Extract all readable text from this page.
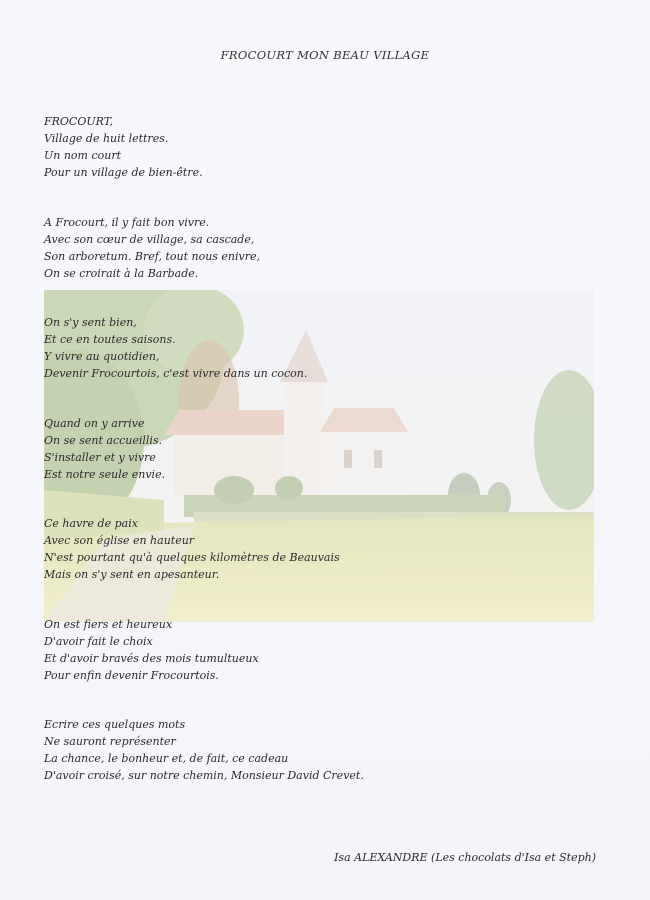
FROCOURT MON BEAU VILLAGE
FROCOURT,
Village de huit lettres.
Un nom court
Pour un village de bien-être.
A Frocourt, il y fait bon vivre.
Avec son cœur de village, sa cascade,
Son arboretum. Bref, tout nous enivre,
On se croirait à la Barbade.
On s'y sent bien,
Et ce en toutes saisons.
Y vivre au quotidien,
Devenir Frocourtois, c'est vivre dans un cocon.
Quand on y arrive
On se sent accueillis.
S'installer et y vivre
Est notre seule envie.
Ce havre de paix
Avec son église en hauteur
N'est pourtant qu'à quelques kilomètres de Beauvais
Mais on s'y sent en apesanteur.
On est fiers et heureux
D'avoir fait le choix
Et d'avoir bravés des mois tumultueux
Pour enfin devenir Frocourtois.
Ecrire ces quelques mots
Ne sauront représenter
La chance, le bonheur et, de fait, ce cadeau
D'avoir croisé, sur notre chemin, Monsieur David Crevet.
Isa ALEXANDRE (Les chocolats d'Isa et Steph)
